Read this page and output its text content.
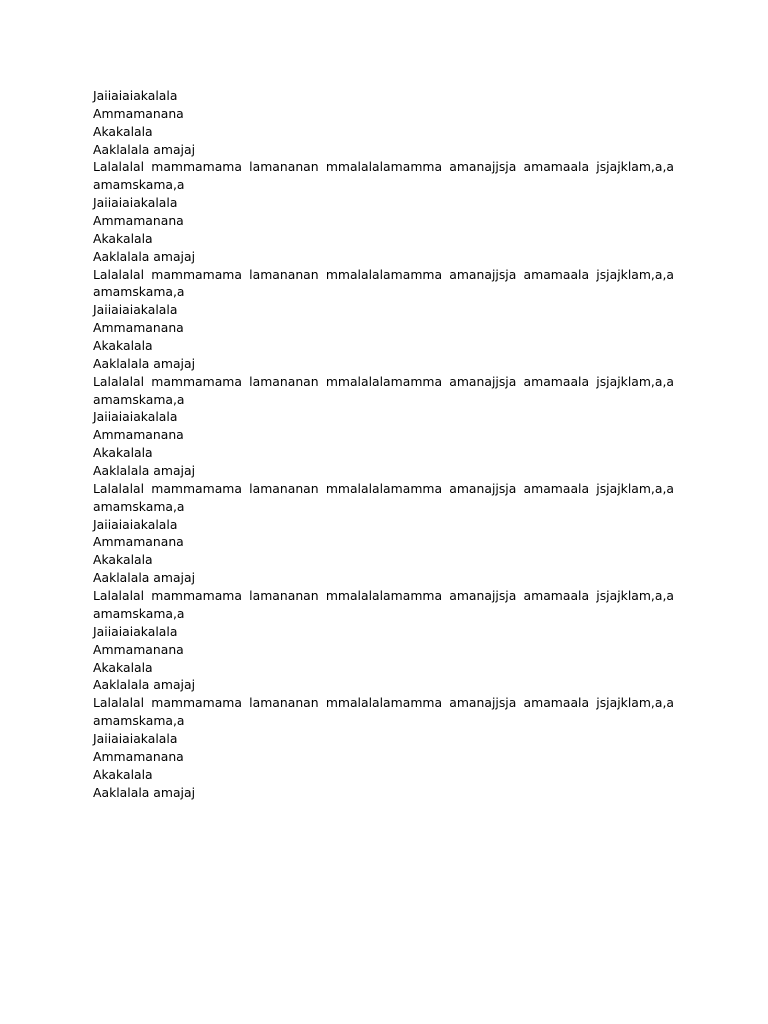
Jaiiaiaiakalala
Ammamanana
Akakalala
Aaklalala amajaj
Lalalalal mammamama lamananan mmalalalamamma amanajjsja amamaala jsjajklam,a,a amamskama,a
Jaiiaiaiakalala
Ammamanana
Akakalala
Aaklalala amajaj
Lalalalal mammamama lamananan mmalalalamamma amanajjsja amamaala jsjajklam,a,a amamskama,a
Jaiiaiaiakalala
Ammamanana
Akakalala
Aaklalala amajaj
Lalalalal mammamama lamananan mmalalalamamma amanajjsja amamaala jsjajklam,a,a amamskama,a
Jaiiaiaiakalala
Ammamanana
Akakalala
Aaklalala amajaj
Lalalalal mammamama lamananan mmalalalamamma amanajjsja amamaala jsjajklam,a,a amamskama,a
Jaiiaiaiakalala
Ammamanana
Akakalala
Aaklalala amajaj
Lalalalal mammamama lamananan mmalalalamamma amanajjsja amamaala jsjajklam,a,a amamskama,a
Jaiiaiaiakalala
Ammamanana
Akakalala
Aaklalala amajaj
Lalalalal mammamama lamananan mmalalalamamma amanajjsja amamaala jsjajklam,a,a amamskama,a
Jaiiaiaiakalala
Ammamanana
Akakalala
Aaklalala amajaj
